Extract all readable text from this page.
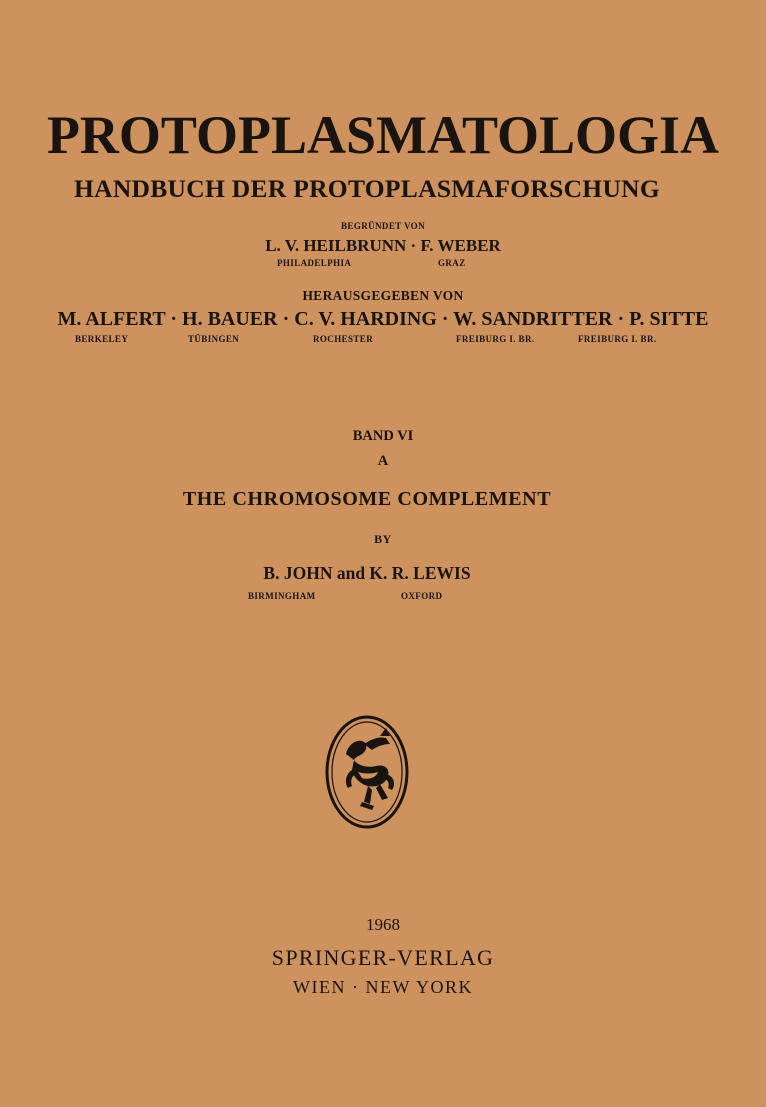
PROTOPLASMATOLOGIA
HANDBUCH DER PROTOPLASMAFORSCHUNG
BEGRÜNDET VON
L. V. HEILBRUNN · F. WEBER
PHILADELPHIA	GRAZ
HERAUSGEGEBEN VON
M. ALFERT · H. BAUER · C. V. HARDING · W. SANDRITTER · P. SITTE
BERKELEY	TÜBINGEN	ROCHESTER	FREIBURG I. BR.	FREIBURG I. BR.
BAND VI
A
THE CHROMOSOME COMPLEMENT
BY
B. JOHN and K. R. LEWIS
BIRMINGHAM	OXFORD
1968
SPRINGER-VERLAG
WIEN · NEW YORK
